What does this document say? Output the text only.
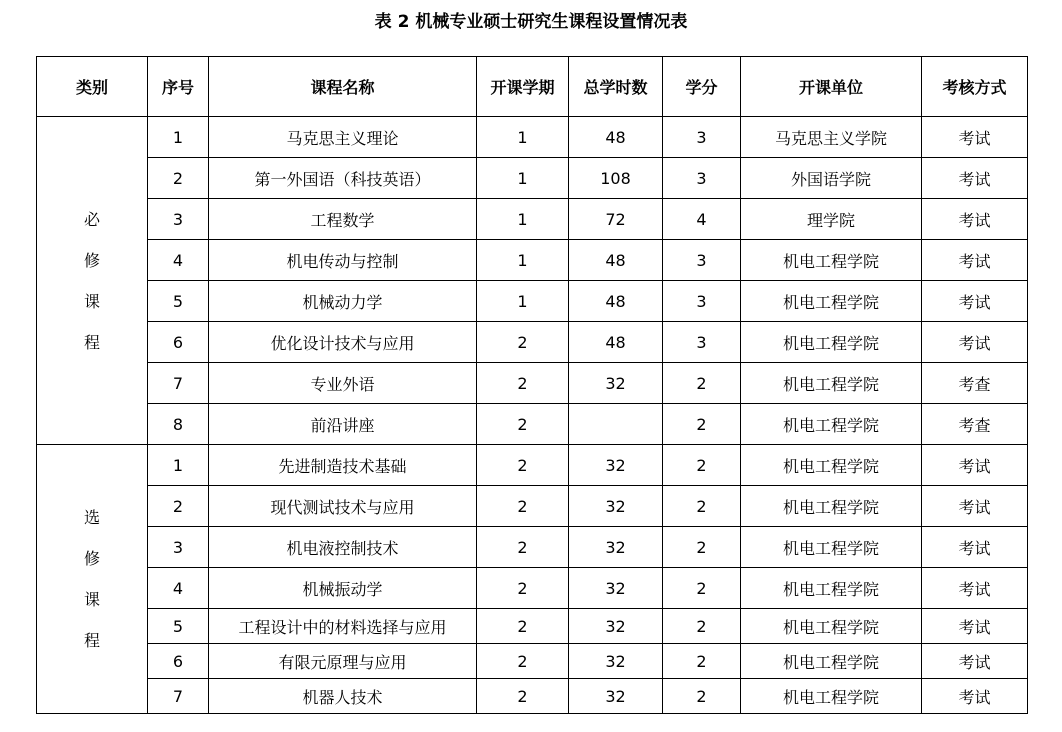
表 2 机械专业硕士研究生课程设置情况表
类别	序号	课程名称	开课学期	总学时数	学分	开课单位	考核方式

必
修
课
程	1	马克思主义理论	1	48	3	马克思主义学院	考试
	2	第一外国语（科技英语）	1	108	3	外国语学院	考试
	3	工程数学	1	72	4	理学院	考试
	4	机电传动与控制	1	48	3	机电工程学院	考试
	5	机械动力学	1	48	3	机电工程学院	考试
	6	优化设计技术与应用	2	48	3	机电工程学院	考试
	7	专业外语	2	32	2	机电工程学院	考查
	8	前沿讲座	2		2	机电工程学院	考查

选
修
课
程	1	先进制造技术基础	2	32	2	机电工程学院	考试
	2	现代测试技术与应用	2	32	2	机电工程学院	考试
	3	机电液控制技术	2	32	2	机电工程学院	考试
	4	机械振动学	2	32	2	机电工程学院	考试
	5	工程设计中的材料选择与应用	2	32	2	机电工程学院	考试
	6	有限元原理与应用	2	32	2	机电工程学院	考试
	7	机器人技术	2	32	2	机电工程学院	考试
